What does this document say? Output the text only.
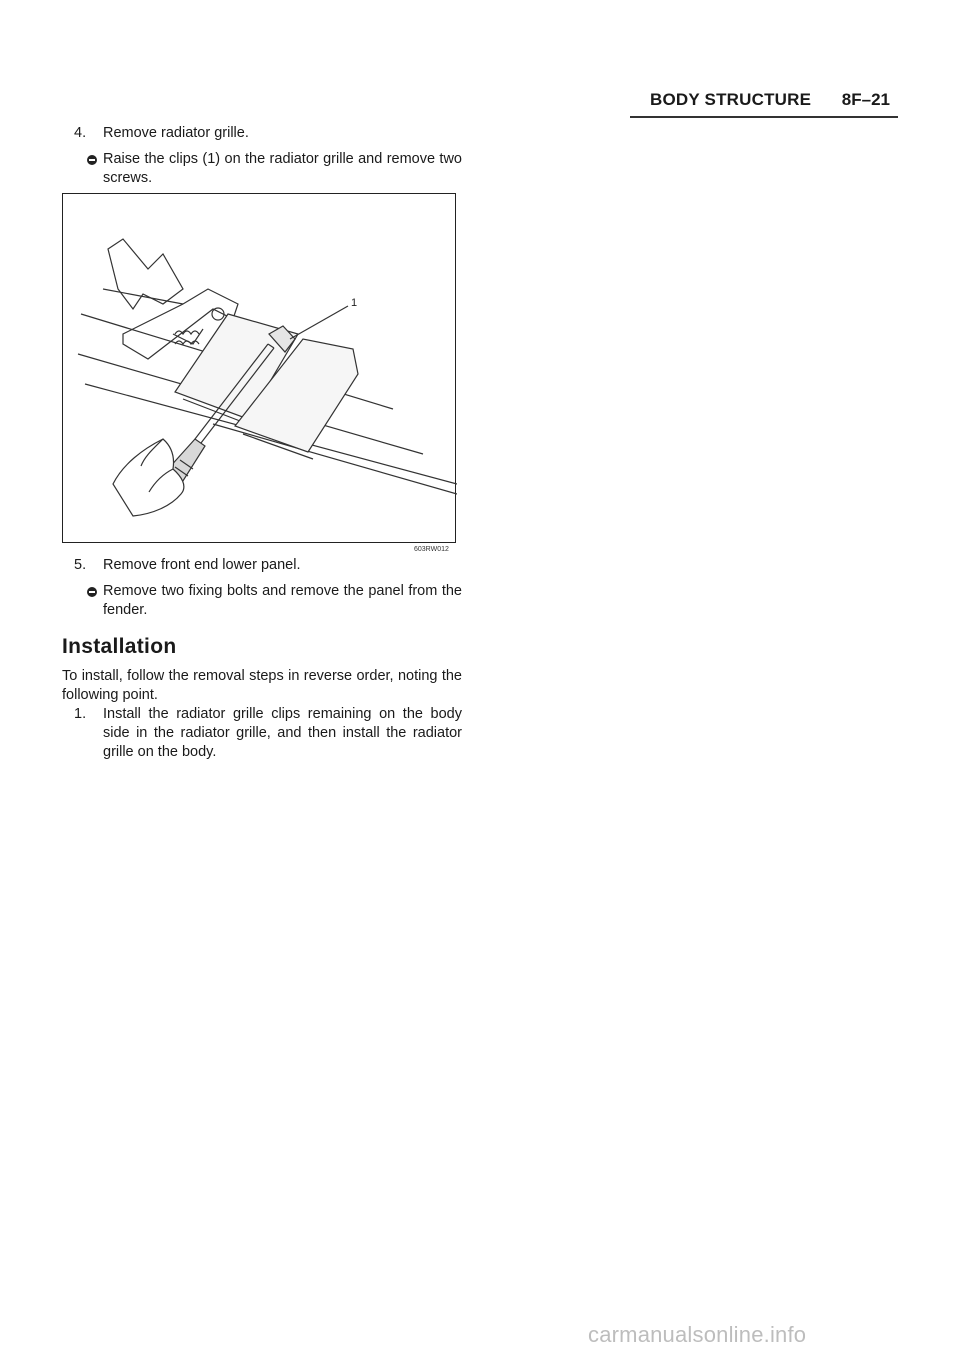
BODY STRUCTURE 8F–21
4. Remove radiator grille.
Raise the clips (1) on the radiator grille and remove two screws.
1
603RW012
5. Remove front end lower panel.
Remove two fixing bolts and remove the panel from the fender.
Installation
To install, follow the removal steps in reverse order, noting the following point.
1. Install the radiator grille clips remaining on the body side in the radiator grille, and then install the radiator grille on the body.
carmanualsonline.info
